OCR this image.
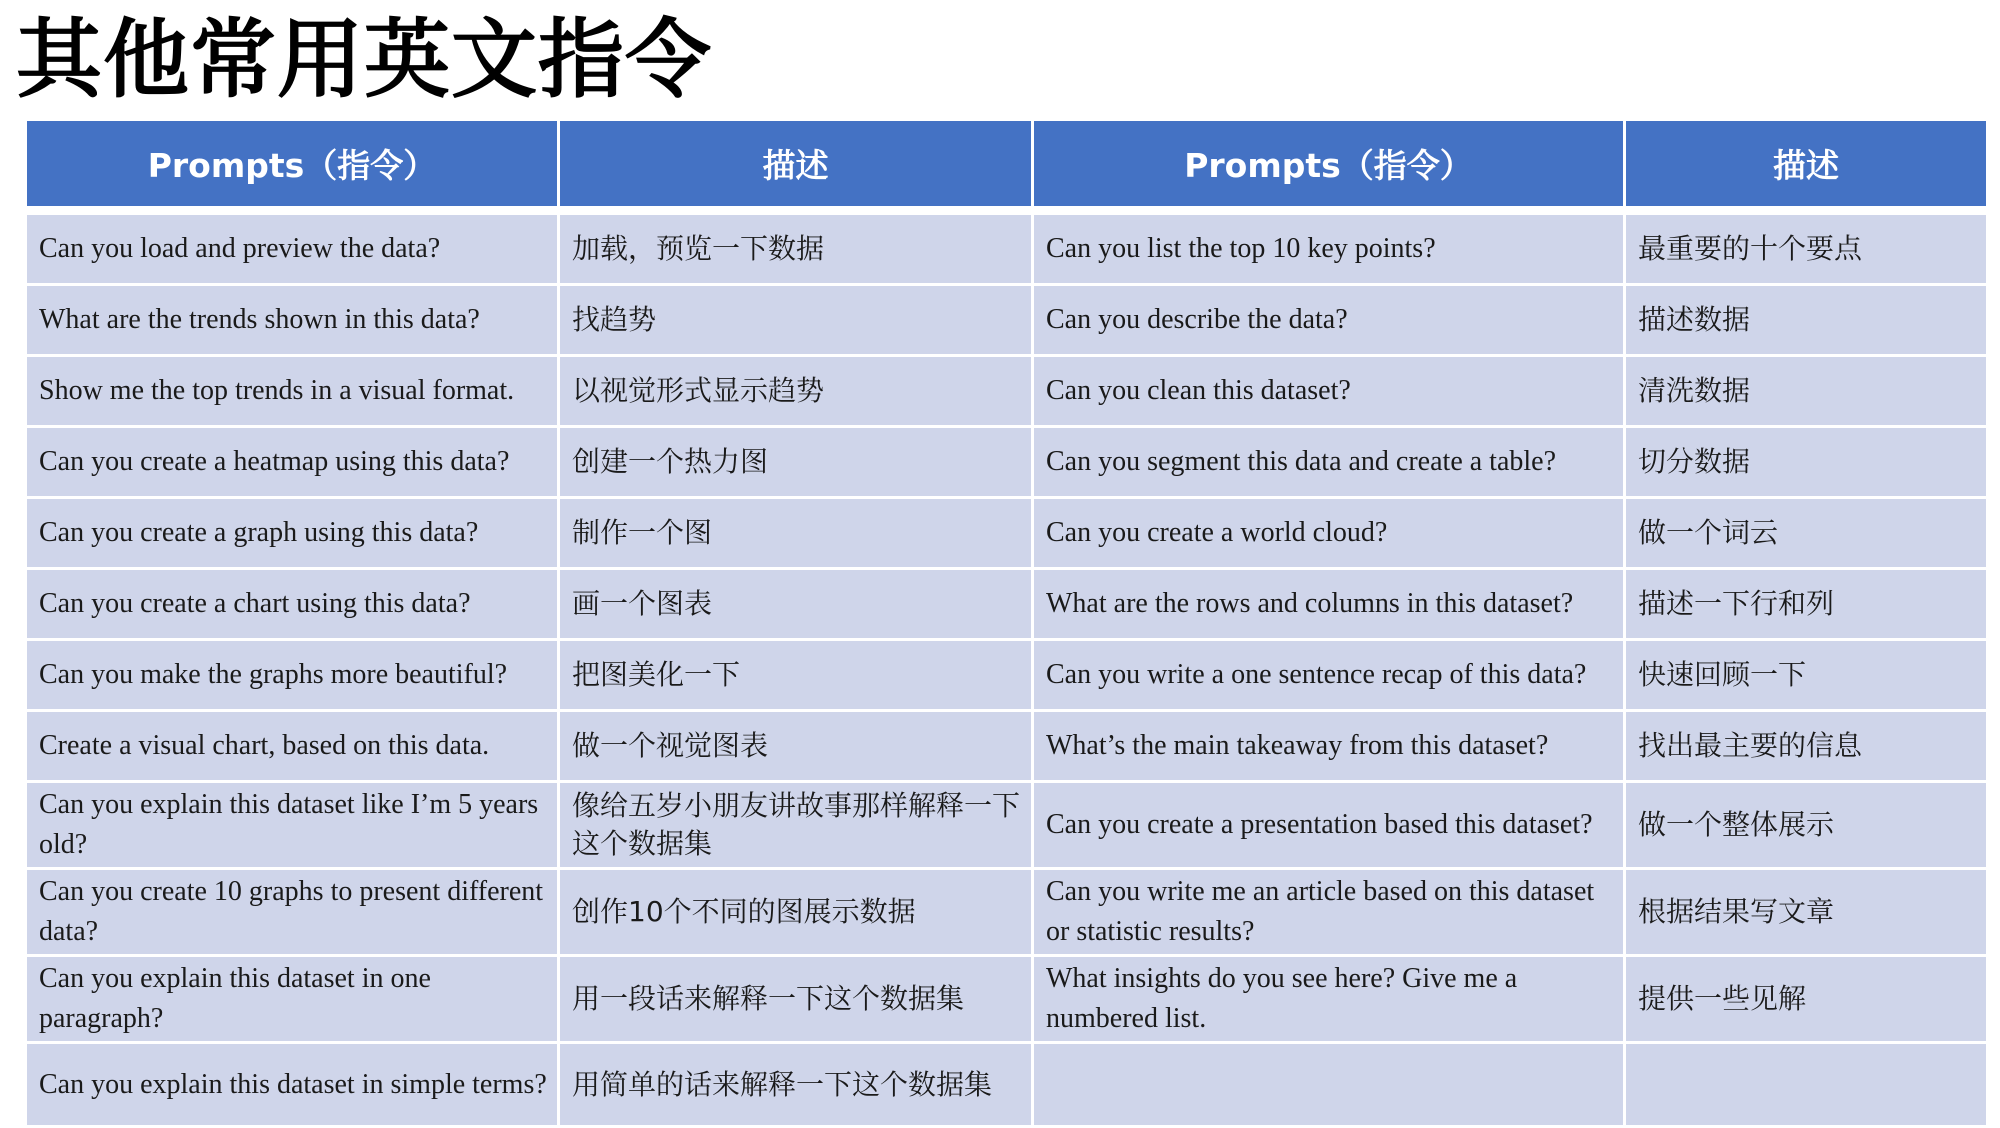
其他常用英文指令
Prompts（指令）	描述	Prompts（指令）	描述

Can you load and preview the data?	加载，预览一下数据	Can you list the top 10 key points?	最重要的十个要点
What are the trends shown in this data?	找趋势	Can you describe the data?	描述数据
Show me the top trends in a visual format.	以视觉形式显示趋势	Can you clean this dataset?	清洗数据
Can you create a heatmap using this data?	创建一个热力图	Can you segment this data and create a table?	切分数据
Can you create a graph using this data?	制作一个图	Can you create a world cloud?	做一个词云
Can you create a chart using this data?	画一个图表	What are the rows and columns in this dataset?	描述一下行和列
Can you make the graphs more beautiful?	把图美化一下	Can you write a one sentence recap of this data?	快速回顾一下
Create a visual chart, based on this data.	做一个视觉图表	What’s the main takeaway from this dataset?	找出最主要的信息
Can you explain this dataset like I’m 5 years old?	像给五岁小朋友讲故事那样解释一下这个数据集	Can you create a presentation based this dataset?	做一个整体展示
Can you create 10 graphs to present different data?	创作10个不同的图展示数据	Can you write me an article based on this dataset or statistic results?	根据结果写文章
Can you explain this dataset in one paragraph?	用一段话来解释一下这个数据集	What insights do you see here? Give me a numbered list.	提供一些见解
Can you explain this dataset in simple terms?	用简单的话来解释一下这个数据集		
